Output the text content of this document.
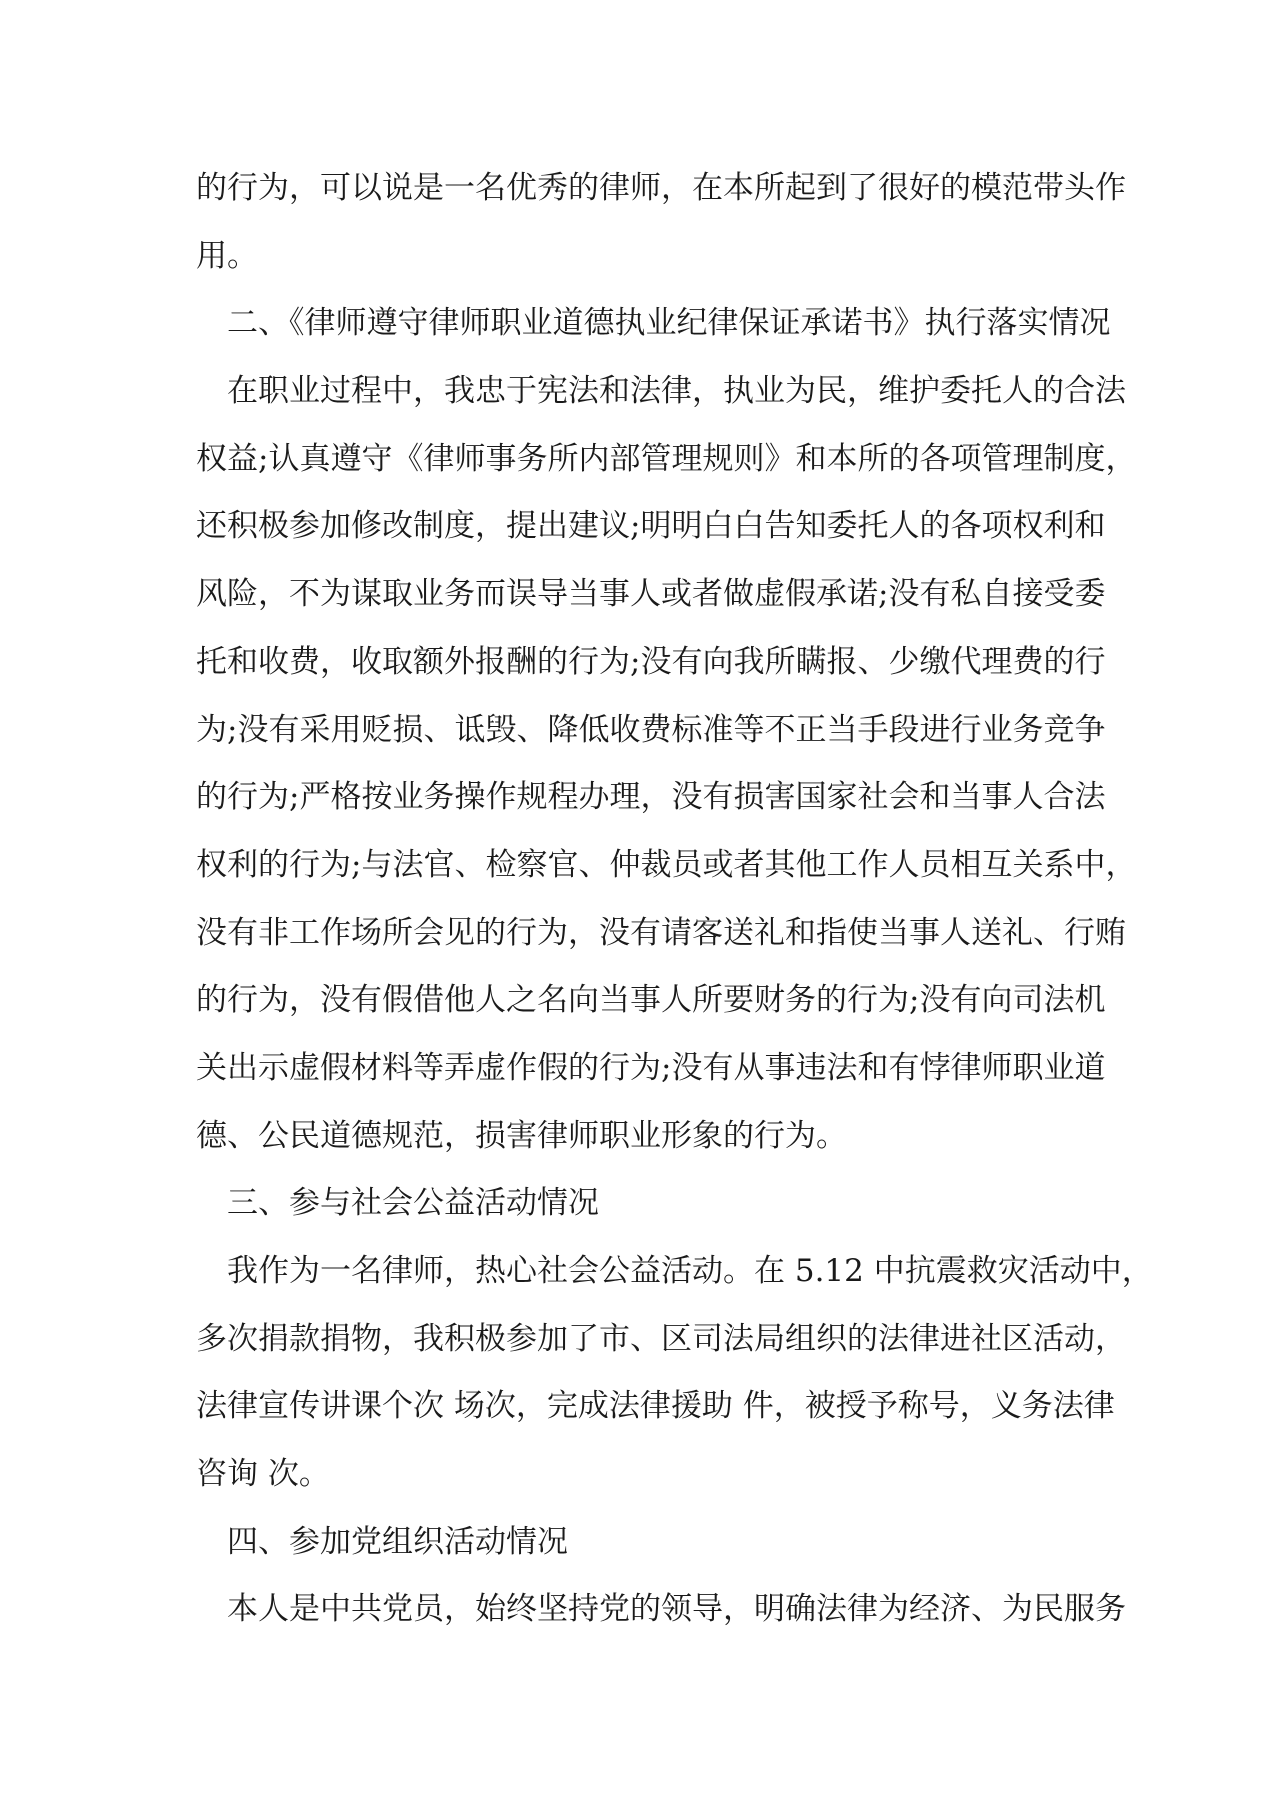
的行为，可以说是一名优秀的律师，在本所起到了很好的模范带头作
用。
二、《律师遵守律师职业道德执业纪律保证承诺书》执行落实情况
在职业过程中，我忠于宪法和法律，执业为民，维护委托人的合法
权益;认真遵守《律师事务所内部管理规则》和本所的各项管理制度，
还积极参加修改制度，提出建议;明明白白告知委托人的各项权利和
风险，不为谋取业务而误导当事人或者做虚假承诺;没有私自接受委
托和收费，收取额外报酬的行为;没有向我所瞒报、少缴代理费的行
为;没有采用贬损、诋毁、降低收费标准等不正当手段进行业务竞争
的行为;严格按业务操作规程办理，没有损害国家社会和当事人合法
权利的行为;与法官、检察官、仲裁员或者其他工作人员相互关系中，
没有非工作场所会见的行为，没有请客送礼和指使当事人送礼、行贿
的行为，没有假借他人之名向当事人所要财务的行为;没有向司法机
关出示虚假材料等弄虚作假的行为;没有从事违法和有悖律师职业道
德、公民道德规范，损害律师职业形象的行为。
三、参与社会公益活动情况
我作为一名律师，热心社会公益活动。在 5.12 中抗震救灾活动中，
多次捐款捐物，我积极参加了市、区司法局组织的法律进社区活动，
法律宣传讲课个次 场次，完成法律援助 件，被授予称号，义务法律
咨询 次。
四、参加党组织活动情况
本人是中共党员，始终坚持党的领导，明确法律为经济、为民服务
